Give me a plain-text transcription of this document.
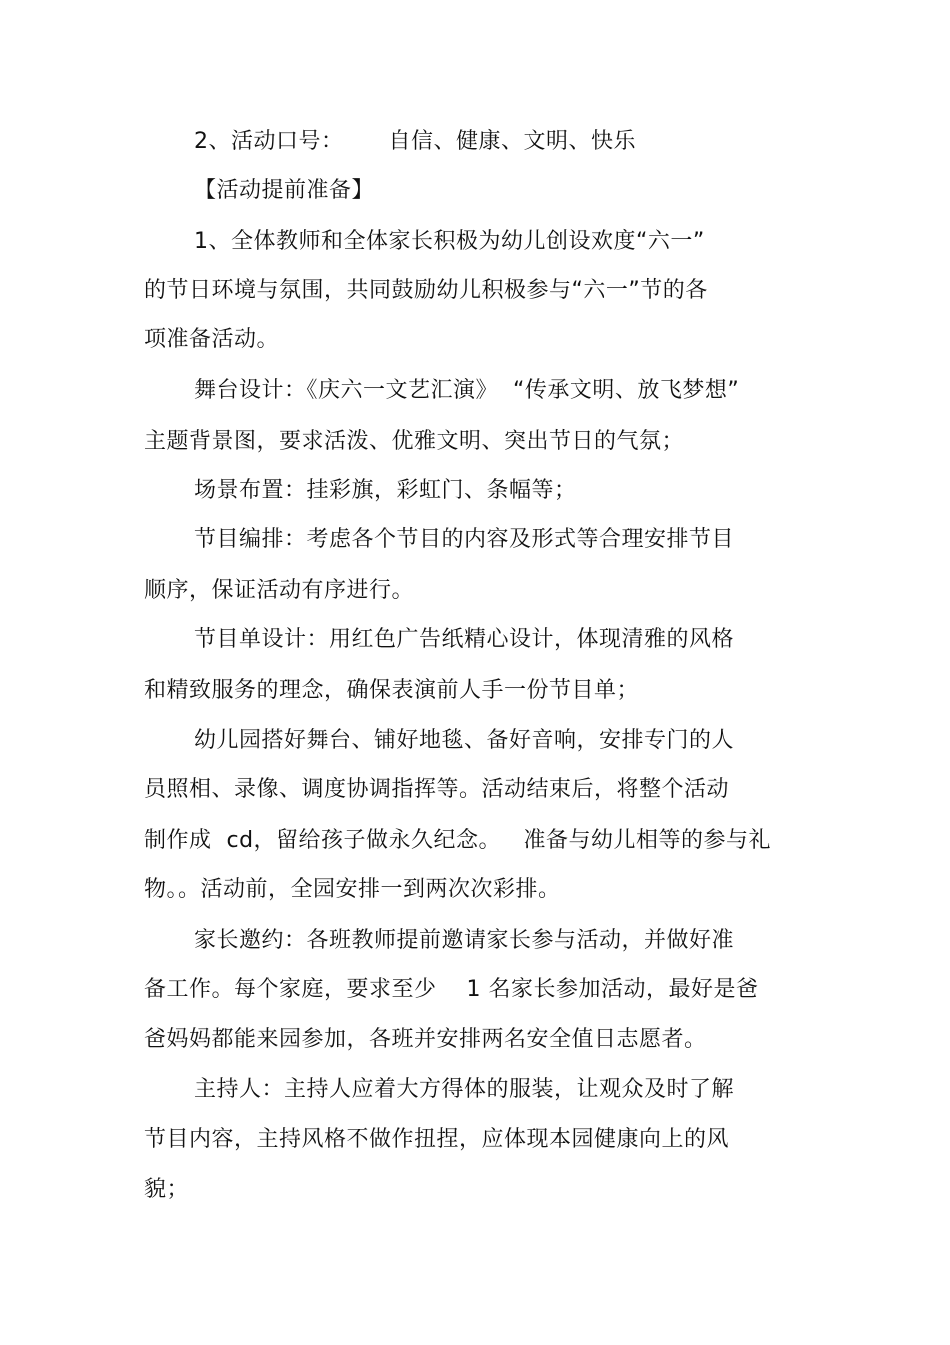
2、活动口号：      自信、健康、文明、快乐
【活动提前准备】
1、全体教师和全体家长积极为幼儿创设欢度“六一”
的节日环境与氛围，共同鼓励幼儿积极参与“六一”节的各
项准备活动。
舞台设计：《庆六一文艺汇演》  “传承文明、放飞梦想”
主题背景图，要求活泼、优雅文明、突出节日的气氛；
场景布置：挂彩旗，彩虹门、条幅等；
节目编排：考虑各个节目的内容及形式等合理安排节目
顺序，保证活动有序进行。
节目单设计：用红色广告纸精心设计，体现清雅的风格
和精致服务的理念，确保表演前人手一份节目单；
幼儿园搭好舞台、铺好地毯、备好音响，安排专门的人
员照相、录像、调度协调指挥等。活动结束后，将整个活动
制作成  cd，留给孩子做永久纪念。   准备与幼儿相等的参与礼
物。。活动前，全园安排一到两次次彩排。
家长邀约：各班教师提前邀请家长参与活动，并做好准
备工作。每个家庭，要求至少    1 名家长参加活动，最好是爸
爸妈妈都能来园参加，各班并安排两名安全值日志愿者。
主持人：主持人应着大方得体的服装，让观众及时了解
节目内容，主持风格不做作扭捏，应体现本园健康向上的风
貌；
